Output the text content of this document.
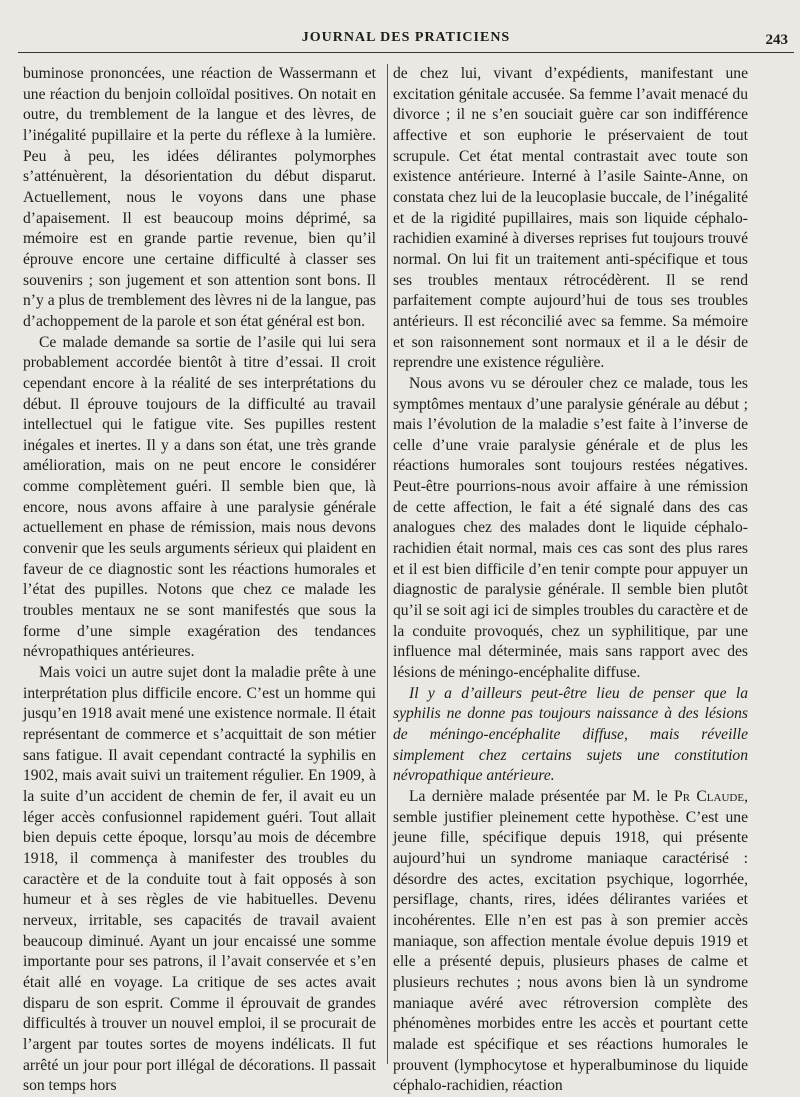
JOURNAL DES PRATICIENS	243

buminose prononcées, une réaction de Wassermann et une réaction du benjoin colloïdal positives. On notait en outre, du tremblement de la langue et des lèvres, de l’inégalité pupillaire et la perte du réflexe à la lumière. Peu à peu, les idées délirantes polymorphes s’atténuèrent, la désorientation du début disparut. Actuellement, nous le voyons dans une phase d’apaisement. Il est beaucoup moins déprimé, sa mémoire est en grande partie revenue, bien qu’il éprouve encore une certaine difficulté à classer ses souvenirs ; son jugement et son attention sont bons. Il n’y a plus de tremblement des lèvres ni de la langue, pas d’achoppement de la parole et son état général est bon.

Ce malade demande sa sortie de l’asile qui lui sera probablement accordée bientôt à titre d’essai. Il croit cependant encore à la réalité de ses interprétations du début. Il éprouve toujours de la difficulté au travail intellectuel qui le fatigue vite. Ses pupilles restent inégales et inertes. Il y a dans son état, une très grande amélioration, mais on ne peut encore le considérer comme complètement guéri. Il semble bien que, là encore, nous avons affaire à une paralysie générale actuellement en phase de rémission, mais nous devons convenir que les seuls arguments sérieux qui plaident en faveur de ce diagnostic sont les réactions humorales et l’état des pupilles. Notons que chez ce malade les troubles mentaux ne se sont manifestés que sous la forme d’une simple exagération des tendances névropathiques antérieures.

Mais voici un autre sujet dont la maladie prête à une interprétation plus difficile encore. C’est un homme qui jusqu’en 1918 avait mené une existence normale. Il était représentant de commerce et s’acquittait de son métier sans fatigue. Il avait cependant contracté la syphilis en 1902, mais avait suivi un traitement régulier. En 1909, à la suite d’un accident de chemin de fer, il avait eu un léger accès confusionnel rapidement guéri. Tout allait bien depuis cette époque, lorsqu’au mois de décembre 1918, il commença à manifester des troubles du caractère et de la conduite tout à fait opposés à son humeur et à ses règles de vie habituelles. Devenu nerveux, irritable, ses capacités de travail avaient beaucoup diminué. Ayant un jour encaissé une somme importante pour ses patrons, il l’avait conservée et s’en était allé en voyage. La critique de ses actes avait disparu de son esprit. Comme il éprouvait de grandes difficultés à trouver un nouvel emploi, il se procurait de l’argent par toutes sortes de moyens indélicats. Il fut arrêté un jour pour port illégal de décorations. Il passait son temps hors

de chez lui, vivant d’expédients, manifestant une excitation génitale accusée. Sa femme l’avait menacé du divorce ; il ne s’en souciait guère car son indifférence affective et son euphorie le préservaient de tout scrupule. Cet état mental contrastait avec toute son existence antérieure. Interné à l’asile Sainte-Anne, on constata chez lui de la leucoplasie buccale, de l’inégalité et de la rigidité pupillaires, mais son liquide céphalo-rachidien examiné à diverses reprises fut toujours trouvé normal. On lui fit un traitement anti-spécifique et tous ses troubles mentaux rétrocédèrent. Il se rend parfaitement compte aujourd’hui de tous ses troubles antérieurs. Il est réconcilié avec sa femme. Sa mémoire et son raisonnement sont normaux et il a le désir de reprendre une existence régulière.

Nous avons vu se dérouler chez ce malade, tous les symptômes mentaux d’une paralysie générale au début ; mais l’évolution de la maladie s’est faite à l’inverse de celle d’une vraie paralysie générale et de plus les réactions humorales sont toujours restées négatives. Peut-être pourrions-nous avoir affaire à une rémission de cette affection, le fait a été signalé dans des cas analogues chez des malades dont le liquide céphalo-rachidien était normal, mais ces cas sont des plus rares et il est bien difficile d’en tenir compte pour appuyer un diagnostic de paralysie générale. Il semble bien plutôt qu’il se soit agi ici de simples troubles du caractère et de la conduite provoqués, chez un syphilitique, par une influence mal déterminée, mais sans rapport avec des lésions de méningo-encéphalite diffuse.

Il y a d’ailleurs peut-être lieu de penser que la syphilis ne donne pas toujours naissance à des lésions de méningo-encéphalite diffuse, mais réveille simplement chez certains sujets une constitution névropathique antérieure.

La dernière malade présentée par M. le Pr Claude, semble justifier pleinement cette hypothèse. C’est une jeune fille, spécifique depuis 1918, qui présente aujourd’hui un syndrome maniaque caractérisé : désordre des actes, excitation psychique, logorrhée, persiflage, chants, rires, idées délirantes variées et incohérentes. Elle n’en est pas à son premier accès maniaque, son affection mentale évolue depuis 1919 et elle a présenté depuis, plusieurs phases de calme et plusieurs rechutes ; nous avons bien là un syndrome maniaque avéré avec rétroversion complète des phénomènes morbides entre les accès et pourtant cette malade est spécifique et ses réactions humorales le prouvent (lymphocytose et hyperalbuminose du liquide céphalo-rachidien, réaction
